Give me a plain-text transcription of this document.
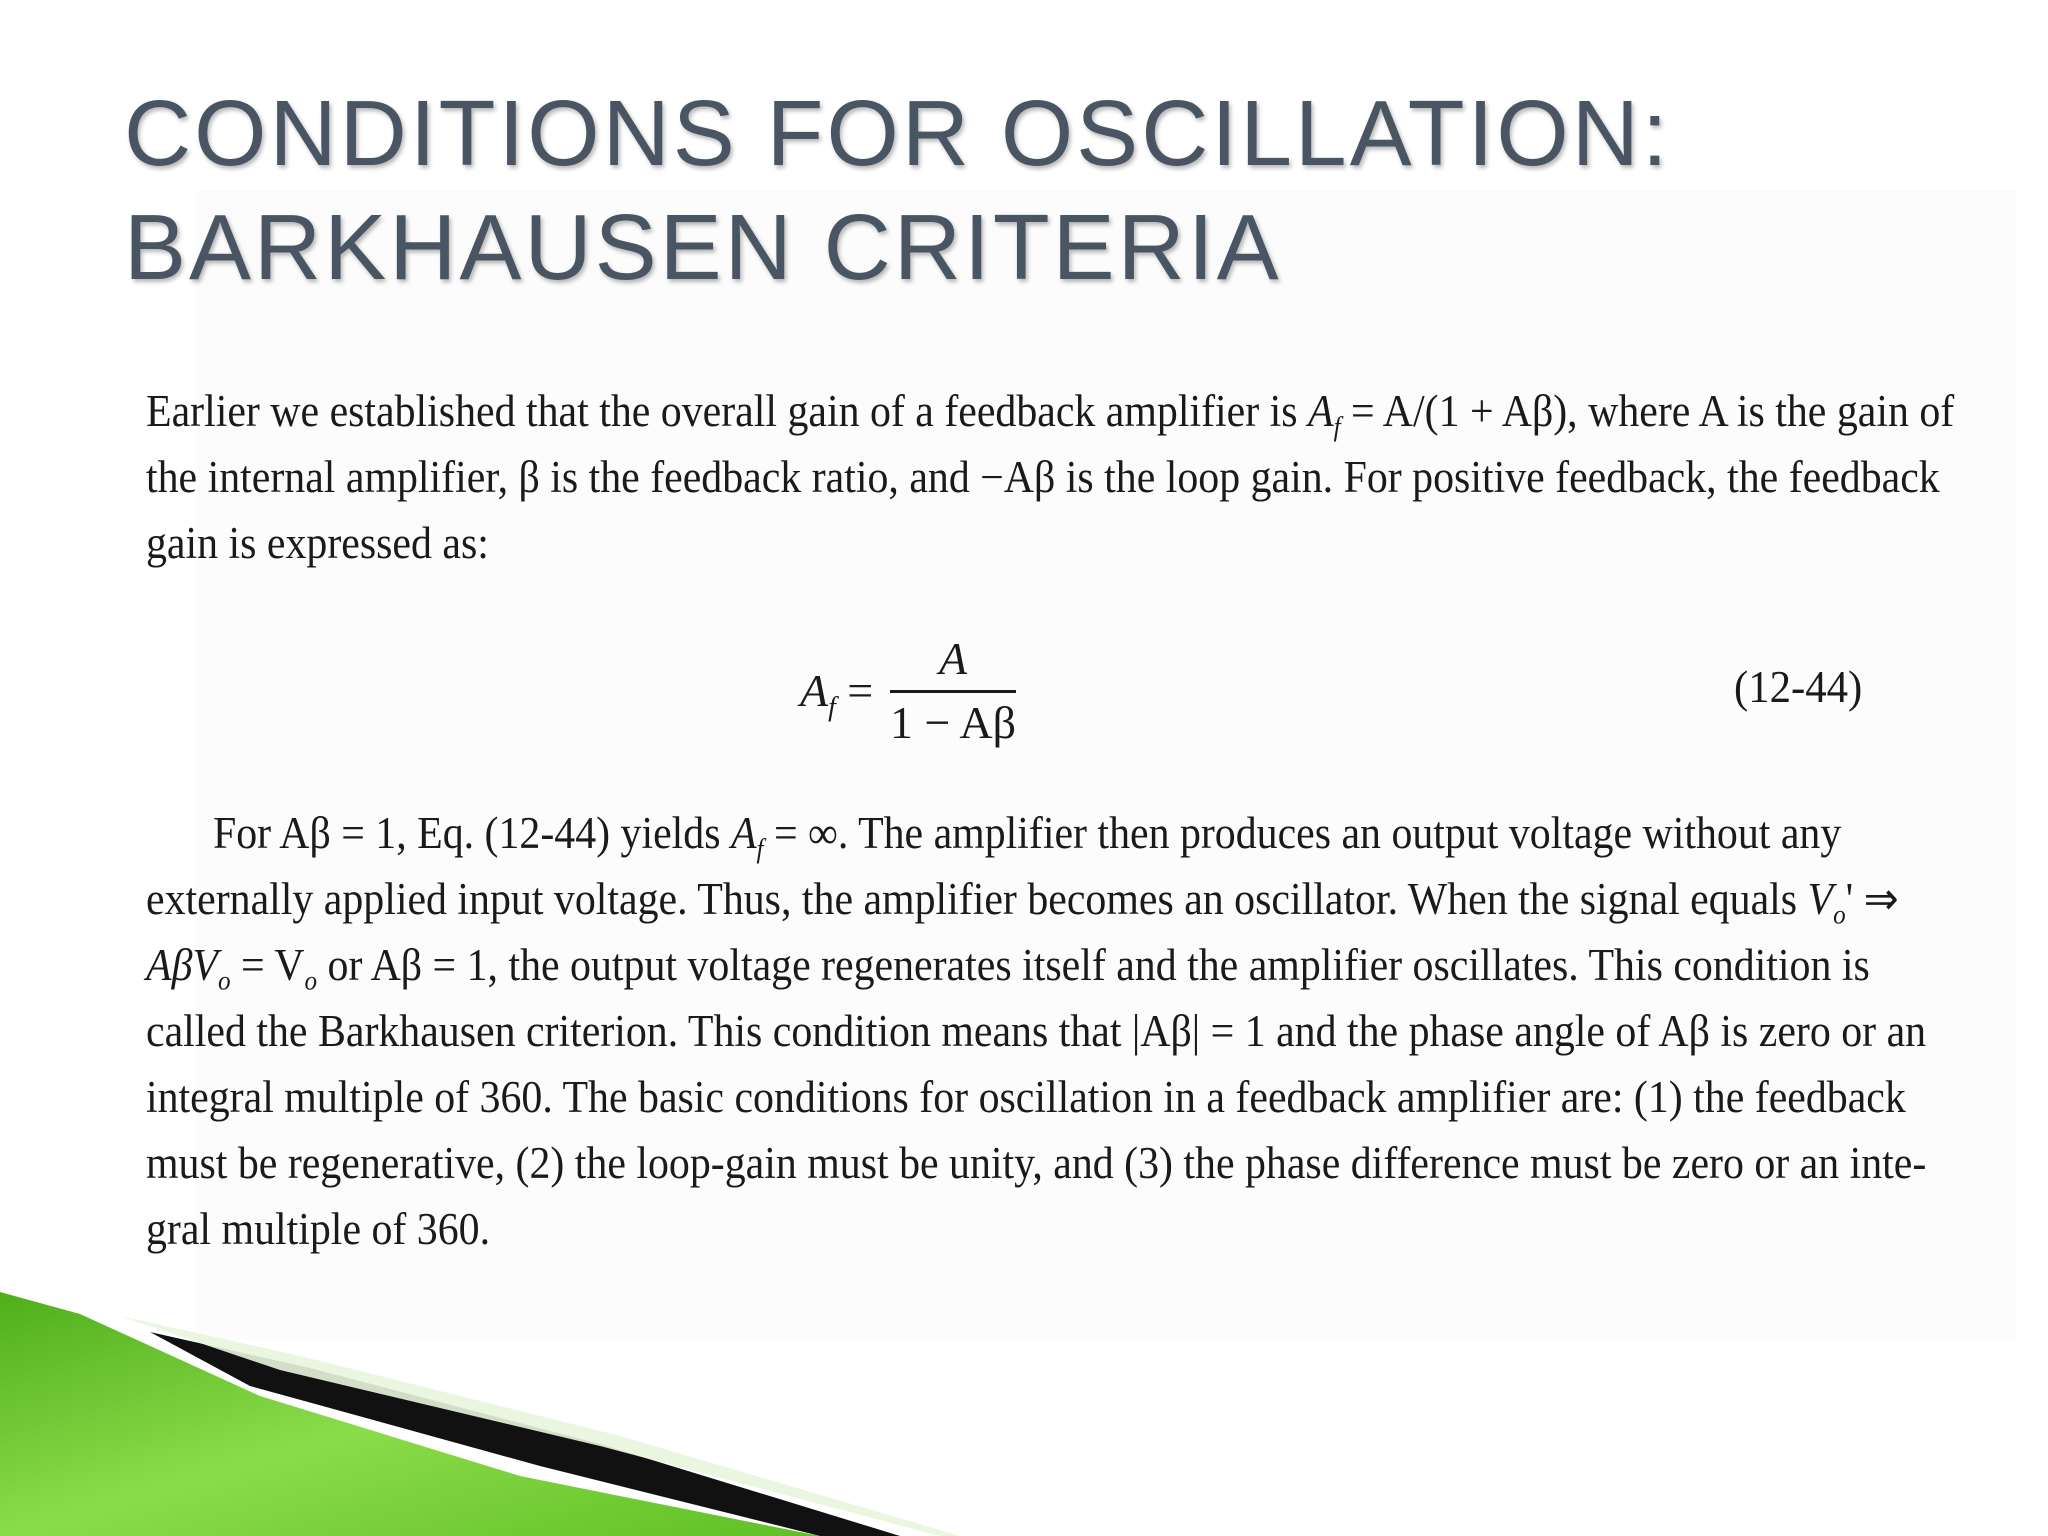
CONDITIONS FOR OSCILLATION:
BARKHAUSEN CRITERIA

Earlier we established that the overall gain of a feedback amplifier is $A_f = A/(1 + A\beta)$, where A is the gain of
the internal amplifier, β is the feedback ratio, and −Aβ is the loop gain. For positive feedback, the feedback
gain is expressed as:

$A_f$ =
A
1 − Aβ
(12-44)

For Aβ = 1, Eq. (12-44) yields $A_f$ = ∞. The amplifier then produces an output voltage without any
externally applied input voltage. Thus, the amplifier becomes an oscillator. When the signal equals $V_o'$ ⇒
$A\beta V_o = V_o$ or Aβ = 1, the output voltage regenerates itself and the amplifier oscillates. This condition is
called the Barkhausen criterion. This condition means that |Aβ| = 1 and the phase angle of Aβ is zero or an
integral multiple of 360. The basic conditions for oscillation in a feedback amplifier are: (1) the feedback
must be regenerative, (2) the loop-gain must be unity, and (3) the phase difference must be zero or an inte-
gral multiple of 360.
